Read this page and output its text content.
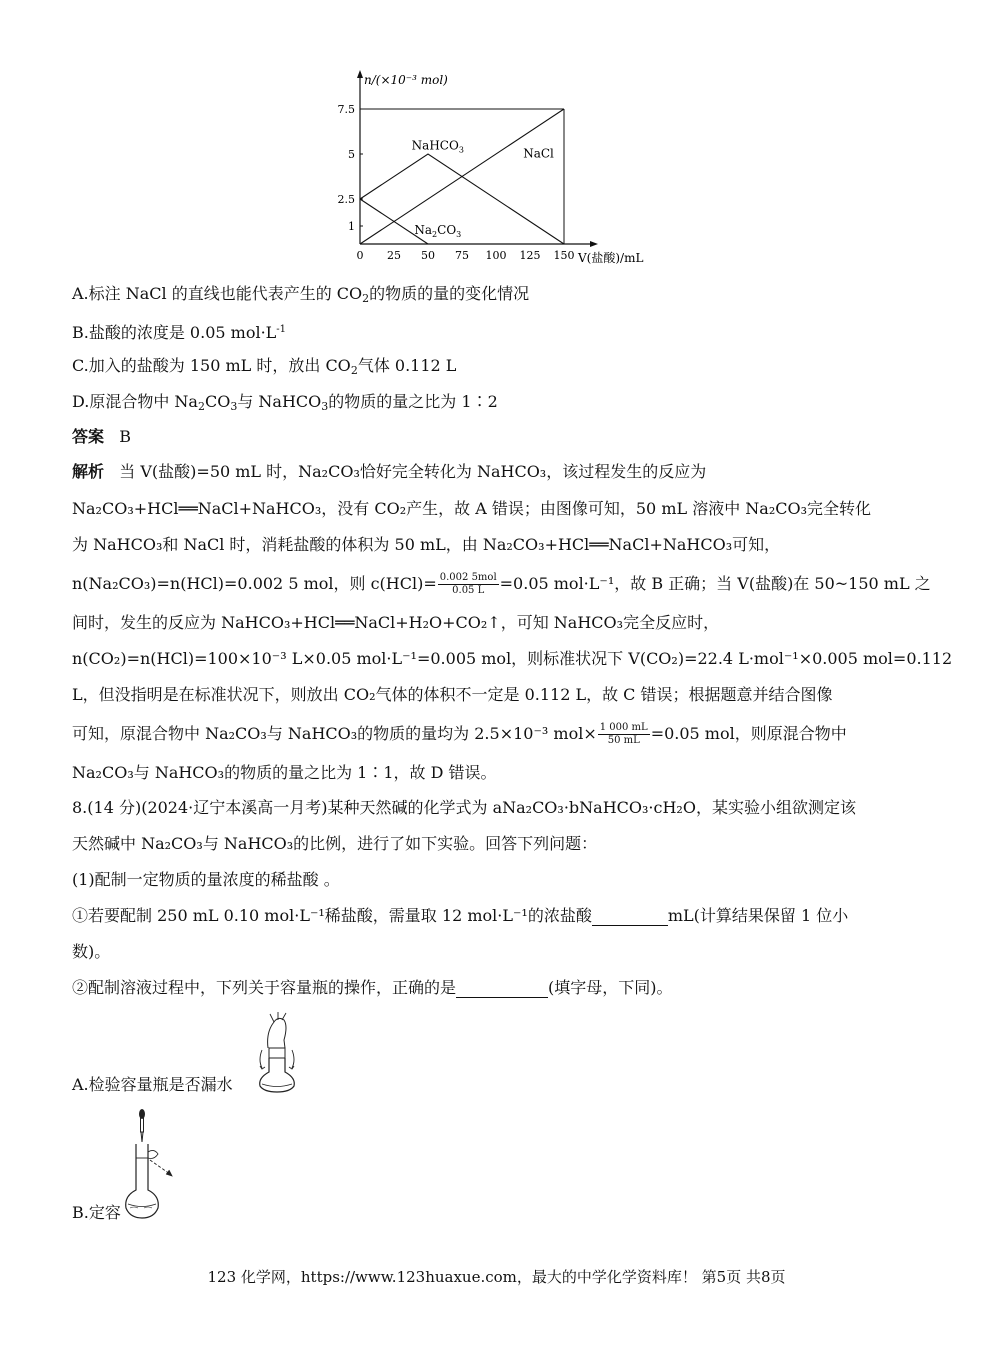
n/(×10⁻³ mol)
V(盐酸)/mL
0 25 50 75 100 125 150
1
2.5
5
7.5
NaHCO$_3$	NaCl
$Na_2CO_3$
A.标注 NaCl 的直线也能代表产生的 $CO_2$的物质的量的变化情况
B.盐酸的浓度是 0.05 $mol\cdot L^{-1}$
C.加入的盐酸为 150 mL 时，放出 $CO_2$气体 0.112 L
D.原混合物中 $Na_2CO_3$与 NaHCO$_3$的物质的量之比为 1∶2
答案 B
解析 当 V(盐酸)=50 mL 时，Na₂CO₃恰好完全转化为 NaHCO₃，该过程发生的反应为
Na₂CO₃+HCl══NaCl+NaHCO₃，没有 CO₂产生，故 A 错误；由图像可知，50 mL 溶液中 Na₂CO₃完全转化
为 NaHCO₃和 NaCl 时，消耗盐酸的体积为 50 mL，由 Na₂CO₃+HCl══NaCl+NaHCO₃可知，
n(Na₂CO₃)=n(HCl)=0.002 5 mol，则 $c(HCl)= \frac{\text{0.002 5mol}}{0.05 L} =0.05$ mol·L⁻¹，故 B 正确；当 V(盐酸)在 50~150 mL 之
间时，发生的反应为 NaHCO₃+HCl══NaCl+H₂O+CO₂↑，可知 NaHCO₃完全反应时，
n(CO₂)=n(HCl)=100×10⁻³ L×0.05 mol·L⁻¹=0.005 mol，则标准状况下 V(CO₂)=22.4 L·mol⁻¹×0.005 mol=0.112
L，但没指明是在标准状况下，则放出 CO₂气体的体积不一定是 0.112 L，故 C 错误；根据题意并结合图像
可知，原混合物中 Na₂CO₃与 NaHCO₃的物质的量均为 2.5×10⁻³ $mol\times \frac{1 000 mL}{50 mL} =0.05$ mol，则原混合物中
Na₂CO₃与 NaHCO₃的物质的量之比为 1∶1，故 D 错误。
8.(14 分)(2024·辽宁本溪高一月考)某种天然碱的化学式为 aNa₂CO₃·bNaHCO₃·cH₂O，某实验小组欲测定该
天然碱中 Na₂CO₃与 NaHCO₃的比例，进行了如下实验。回答下列问题：
(1)配制一定物质的量浓度的稀盐酸 。
①若要配制 250 mL 0.10 mol·L⁻¹稀盐酸，需量取 12 mol·L⁻¹的浓盐酸	mL(计算结果保留 1 位小
数)。
②配制溶液过程中，下列关于容量瓶的操作，正确的是	(填字母，下同)。
A.检验容量瓶是否漏水
B.定容
123 化学网，https://www.123huaxue.com，最大的中学化学资料库！ 第5页 共8页
